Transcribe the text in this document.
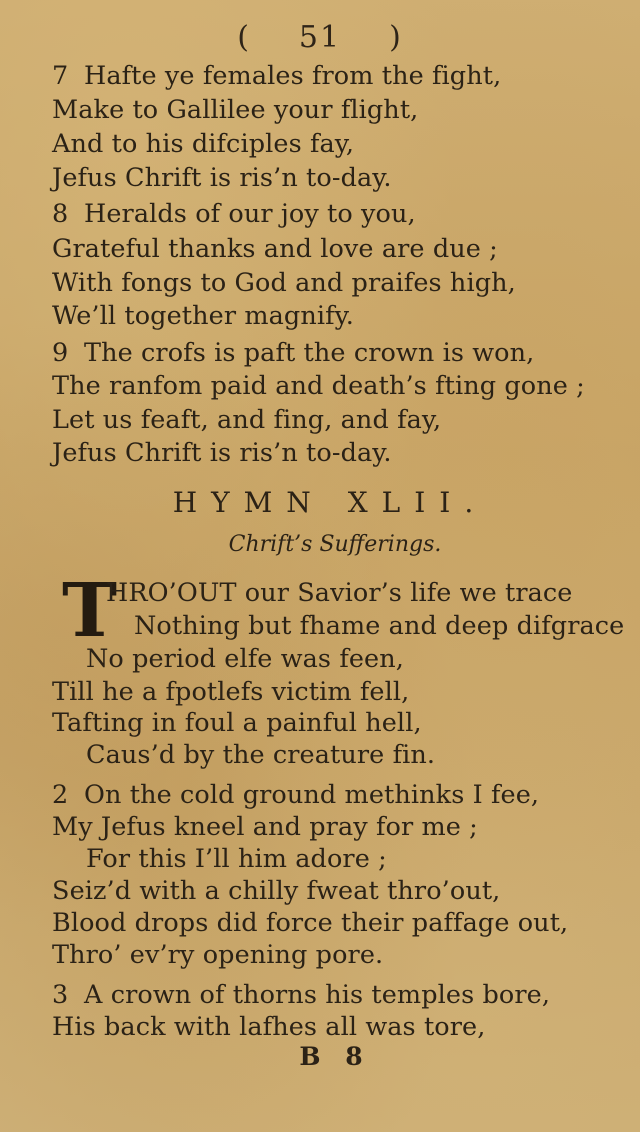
( 51 )
7 Hafte ye females from the fight,
Make to Gallilee your flight,
And to his difciples fay,
Jefus Chrift is ris’n to-day.
8 Heralds of our joy to you,
Grateful thanks and love are due ;
With fongs to God and praifes high,
We’ll together magnify.
9 The crofs is paft the crown is won,
The ranfom paid and death’s fting gone ;
Let us feaft, and fing, and fay,
Jefus Chrift is ris’n to-day.
HYMN XLII.
Chrift’s Sufferings.
T
HRO’OUT our Savior’s life we trace
Nothing but fhame and deep difgrace
No period elfe was feen,
Till he a fpotlefs victim fell,
Tafting in foul a painful hell,
Caus’d by the creature fin.
2 On the cold ground methinks I fee,
My Jefus kneel and pray for me ;
For this I’ll him adore ;
Seiz’d with a chilly fweat thro’out,
Blood drops did force their paffage out,
Thro’ ev’ry opening pore.
3 A crown of thorns his temples bore,
His back with lafhes all was tore,
B 8
